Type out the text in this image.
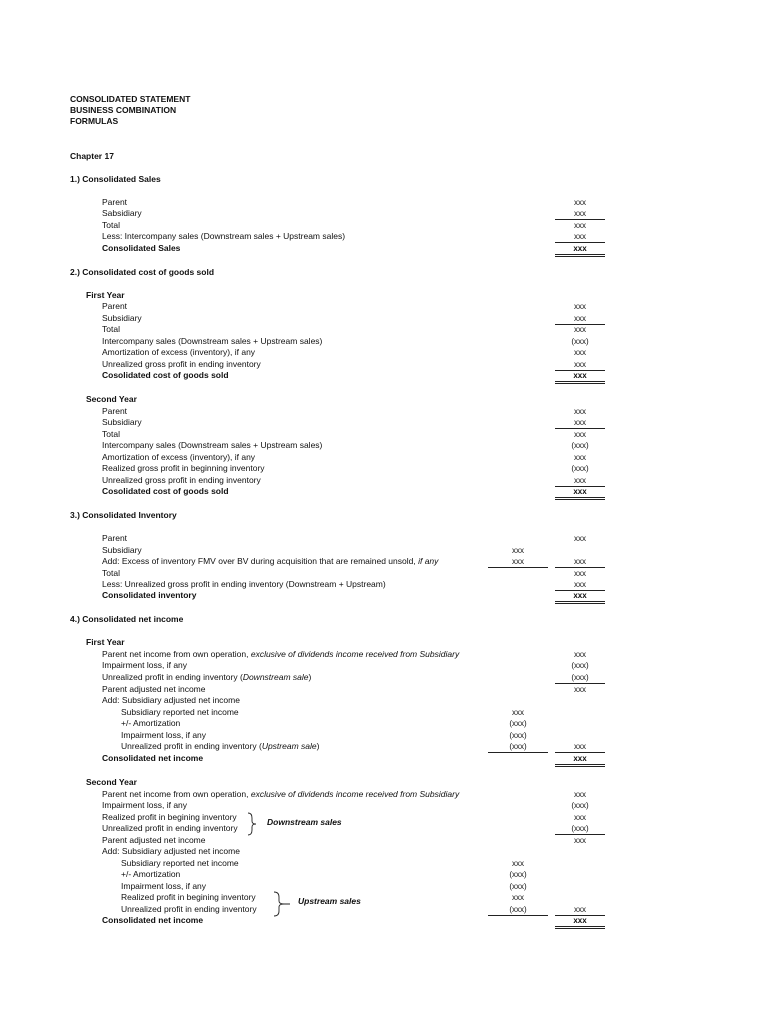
CONSOLIDATED STATEMENT
BUSINESS COMBINATION
FORMULAS
Chapter 17
1.) Consolidated Sales
Parent	xxx
Sabsidiary	xxx
Total	xxx
Less: Intercompany sales (Downstream sales + Upstream sales)	xxx
Consolidated Sales	xxx
2.) Consolidated cost of goods sold
First Year
Parent	xxx
Subsidiary	xxx
Total	xxx
Intercompany sales (Downstream sales + Upstream sales)	(xxx)
Amortization of excess (inventory), if any	xxx
Unrealized gross profit in ending inventory	xxx
Cosolidated cost of goods sold	xxx
Second Year
Parent	xxx
Subsidiary	xxx
Total	xxx
Intercompany sales (Downstream sales + Upstream sales)	(xxx)
Amortization of excess (inventory), if any	xxx
Realized gross profit in beginning inventory	(xxx)
Unrealized gross profit in ending inventory	xxx
Cosolidated cost of goods sold	xxx
3.) Consolidated Inventory
Parent	xxx
Subsidiary	xxx
Add: Excess of inventory FMV over BV during acquisition that are remained unsold, if any	xxx	xxx
Total	xxx
Less: Unrealized gross profit in ending inventory (Downstream + Upstream)	xxx
Consolidated inventory	xxx
4.) Consolidated net income
First Year
Parent net income from own operation, exclusive of dividends income received from Subsidiary	xxx
Impairment loss, if any	(xxx)
Unrealized profit in ending inventory (Downstream sale)	(xxx)
Parent adjusted net income	xxx
Add: Subsidiary adjusted net income
Subsidiary reported net income	xxx
+/- Amortization	(xxx)
Impairment loss, if any	(xxx)
Unrealized profit in ending inventory (Upstream sale)	(xxx)	xxx
Consolidated net income	xxx
Second Year
Parent net income from own operation, exclusive of dividends income received from Subsidiary	xxx
Impairment loss, if any	(xxx)
Realized profit in begining inventory	xxx
Unrealized profit in ending inventory	(xxx)
Downstream sales
Parent adjusted net income	xxx
Add: Subsidiary adjusted net income
Subsidiary reported net income	xxx
+/- Amortization	(xxx)
Impairment loss, if any	(xxx)
Realized profit in begining inventory	xxx
Unrealized profit in ending inventory	(xxx)	xxx
Upstream sales
Consolidated net income	xxx
